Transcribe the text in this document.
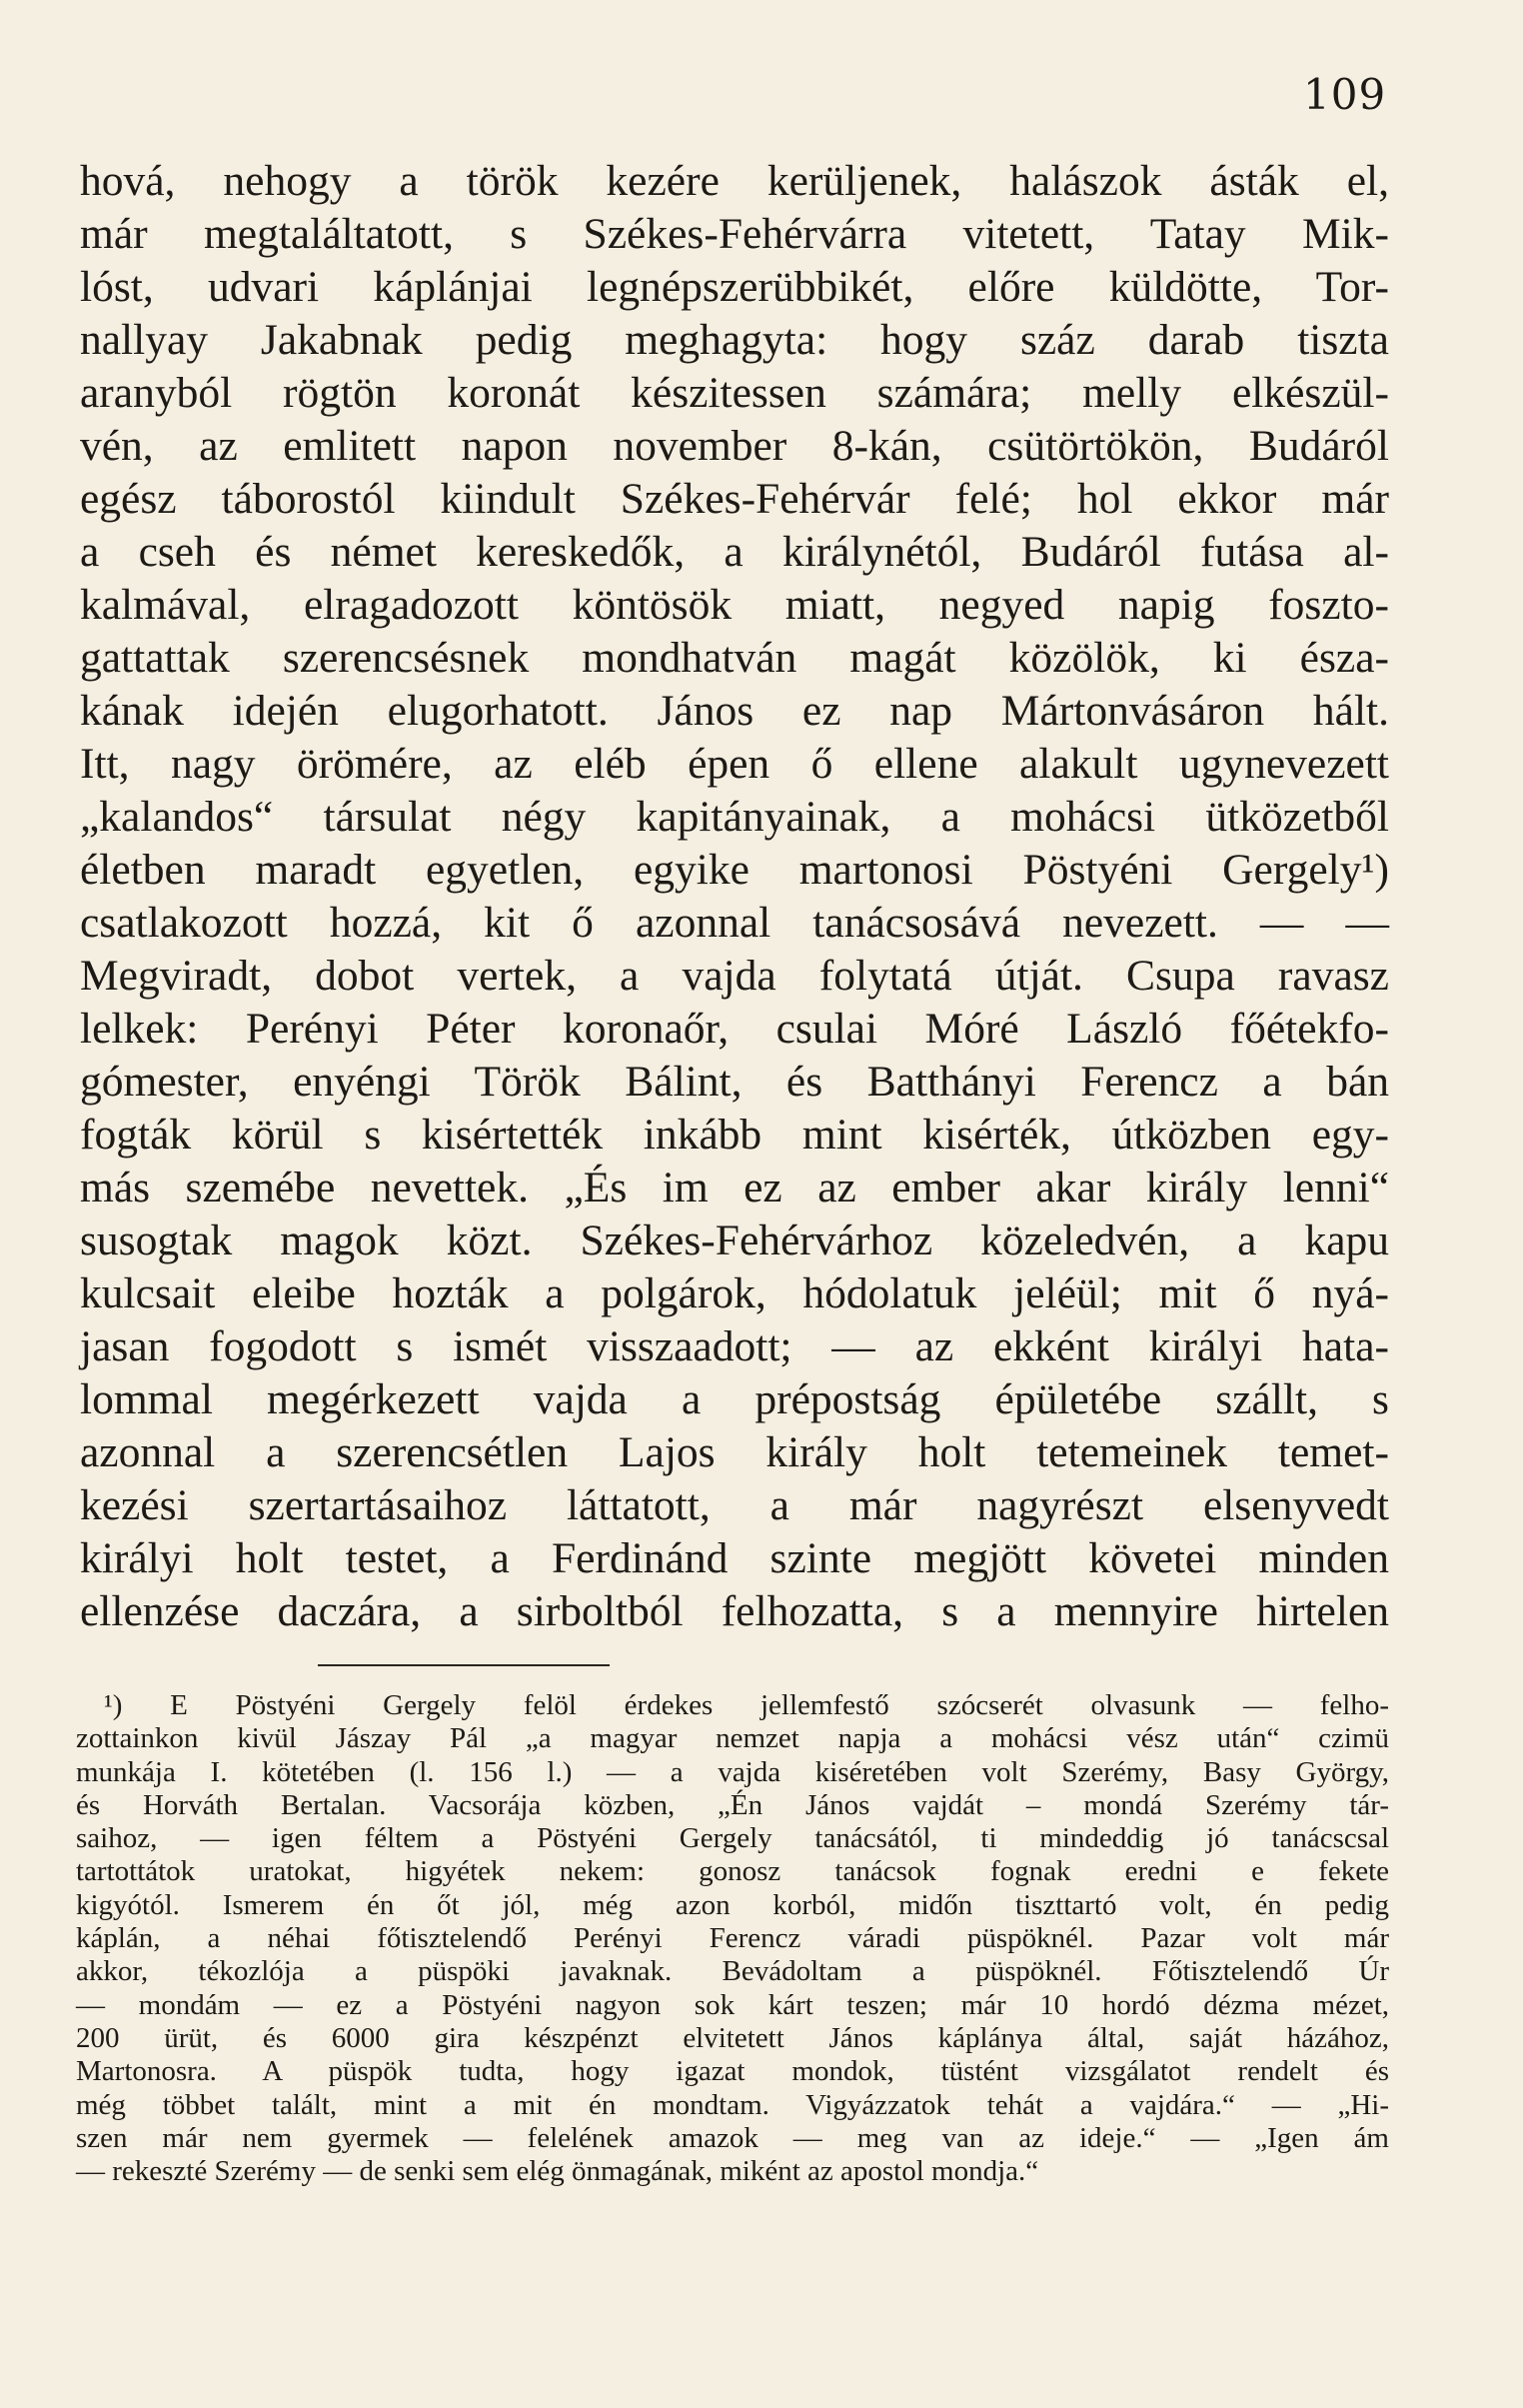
109
hová, nehogy a török kezére kerüljenek, halászok ásták el,
már megtaláltatott, s Székes-Fehérvárra vitetett, Tatay Mik-
lóst, udvari káplánjai legnépszerübbikét, előre küldötte, Tor-
nallyay Jakabnak pedig meghagyta: hogy száz darab tiszta
aranyból rögtön koronát készitessen számára; melly elkészül-
vén, az emlitett napon november 8-kán, csütörtökön, Budáról
egész táborostól kiindult Székes-Fehérvár felé; hol ekkor már
a cseh és német kereskedők, a királynétól, Budáról futása al-
kalmával, elragadozott köntösök miatt, negyed napig foszto-
gattattak szerencsésnek mondhatván magát közölök, ki észa-
kának idején elugorhatott. János ez nap Mártonvásáron hált.
Itt, nagy örömére, az eléb épen ő ellene alakult ugynevezett
„kalandos“ társulat négy kapitányainak, a mohácsi ütközetből
életben maradt egyetlen, egyike martonosi Pöstyéni Gergely¹)
csatlakozott hozzá, kit ő azonnal tanácsosává nevezett. — —
Megviradt, dobot vertek, a vajda folytatá útját. Csupa ravasz
lelkek: Perényi Péter koronaőr, csulai Móré László főétekfo-
gómester, enyéngi Török Bálint, és Batthányi Ferencz a bán
fogták körül s kisértették inkább mint kisérték, útközben egy-
más szemébe nevettek. „És im ez az ember akar király lenni“
susogtak magok közt. Székes-Fehérvárhoz közeledvén, a kapu
kulcsait eleibe hozták a polgárok, hódolatuk jeléül; mit ő nyá-
jasan fogodott s ismét visszaadott; — az ekként királyi hata-
lommal megérkezett vajda a prépostság épületébe szállt, s
azonnal a szerencsétlen Lajos király holt tetemeinek temet-
kezési szertartásaihoz láttatott, a már nagyrészt elsenyvedt
királyi holt testet, a Ferdinánd szinte megjött követei minden
ellenzése daczára, a sirboltból felhozatta, s a mennyire hirtelen
¹) E Pöstyéni Gergely felöl érdekes jellemfestő szócserét olvasunk — felho-
zottainkon kivül Jászay Pál „a magyar nemzet napja a mohácsi vész után“ czimü
munkája I. kötetében (l. 156 l.) — a vajda kiséretében volt Szerémy, Basy György,
és Horváth Bertalan. Vacsorája közben, „Én János vajdát – mondá Szerémy tár-
saihoz, — igen féltem a Pöstyéni Gergely tanácsától, ti mindeddig jó tanácscsal
tartottátok uratokat, higyétek nekem: gonosz tanácsok fognak eredni e fekete
kigyótól. Ismerem én őt jól, még azon korból, midőn tiszttartó volt, én pedig
káplán, a néhai főtisztelendő Perényi Ferencz váradi püspöknél. Pazar volt már
akkor, tékozlója a püspöki javaknak. Bevádoltam a püspöknél. Főtisztelendő Úr
— mondám — ez a Pöstyéni nagyon sok kárt teszen; már 10 hordó dézma mézet,
200 ürüt, és 6000 gira készpénzt elvitetett János káplánya által, saját házához,
Martonosra. A püspök tudta, hogy igazat mondok, tüstént vizsgálatot rendelt és
még többet talált, mint a mit én mondtam. Vigyázzatok tehát a vajdára.“ — „Hi-
szen már nem gyermek — felelének amazok — meg van az ideje.“ — „Igen ám
— rekeszté Szerémy — de senki sem elég önmagának, miként az apostol mondja.“
